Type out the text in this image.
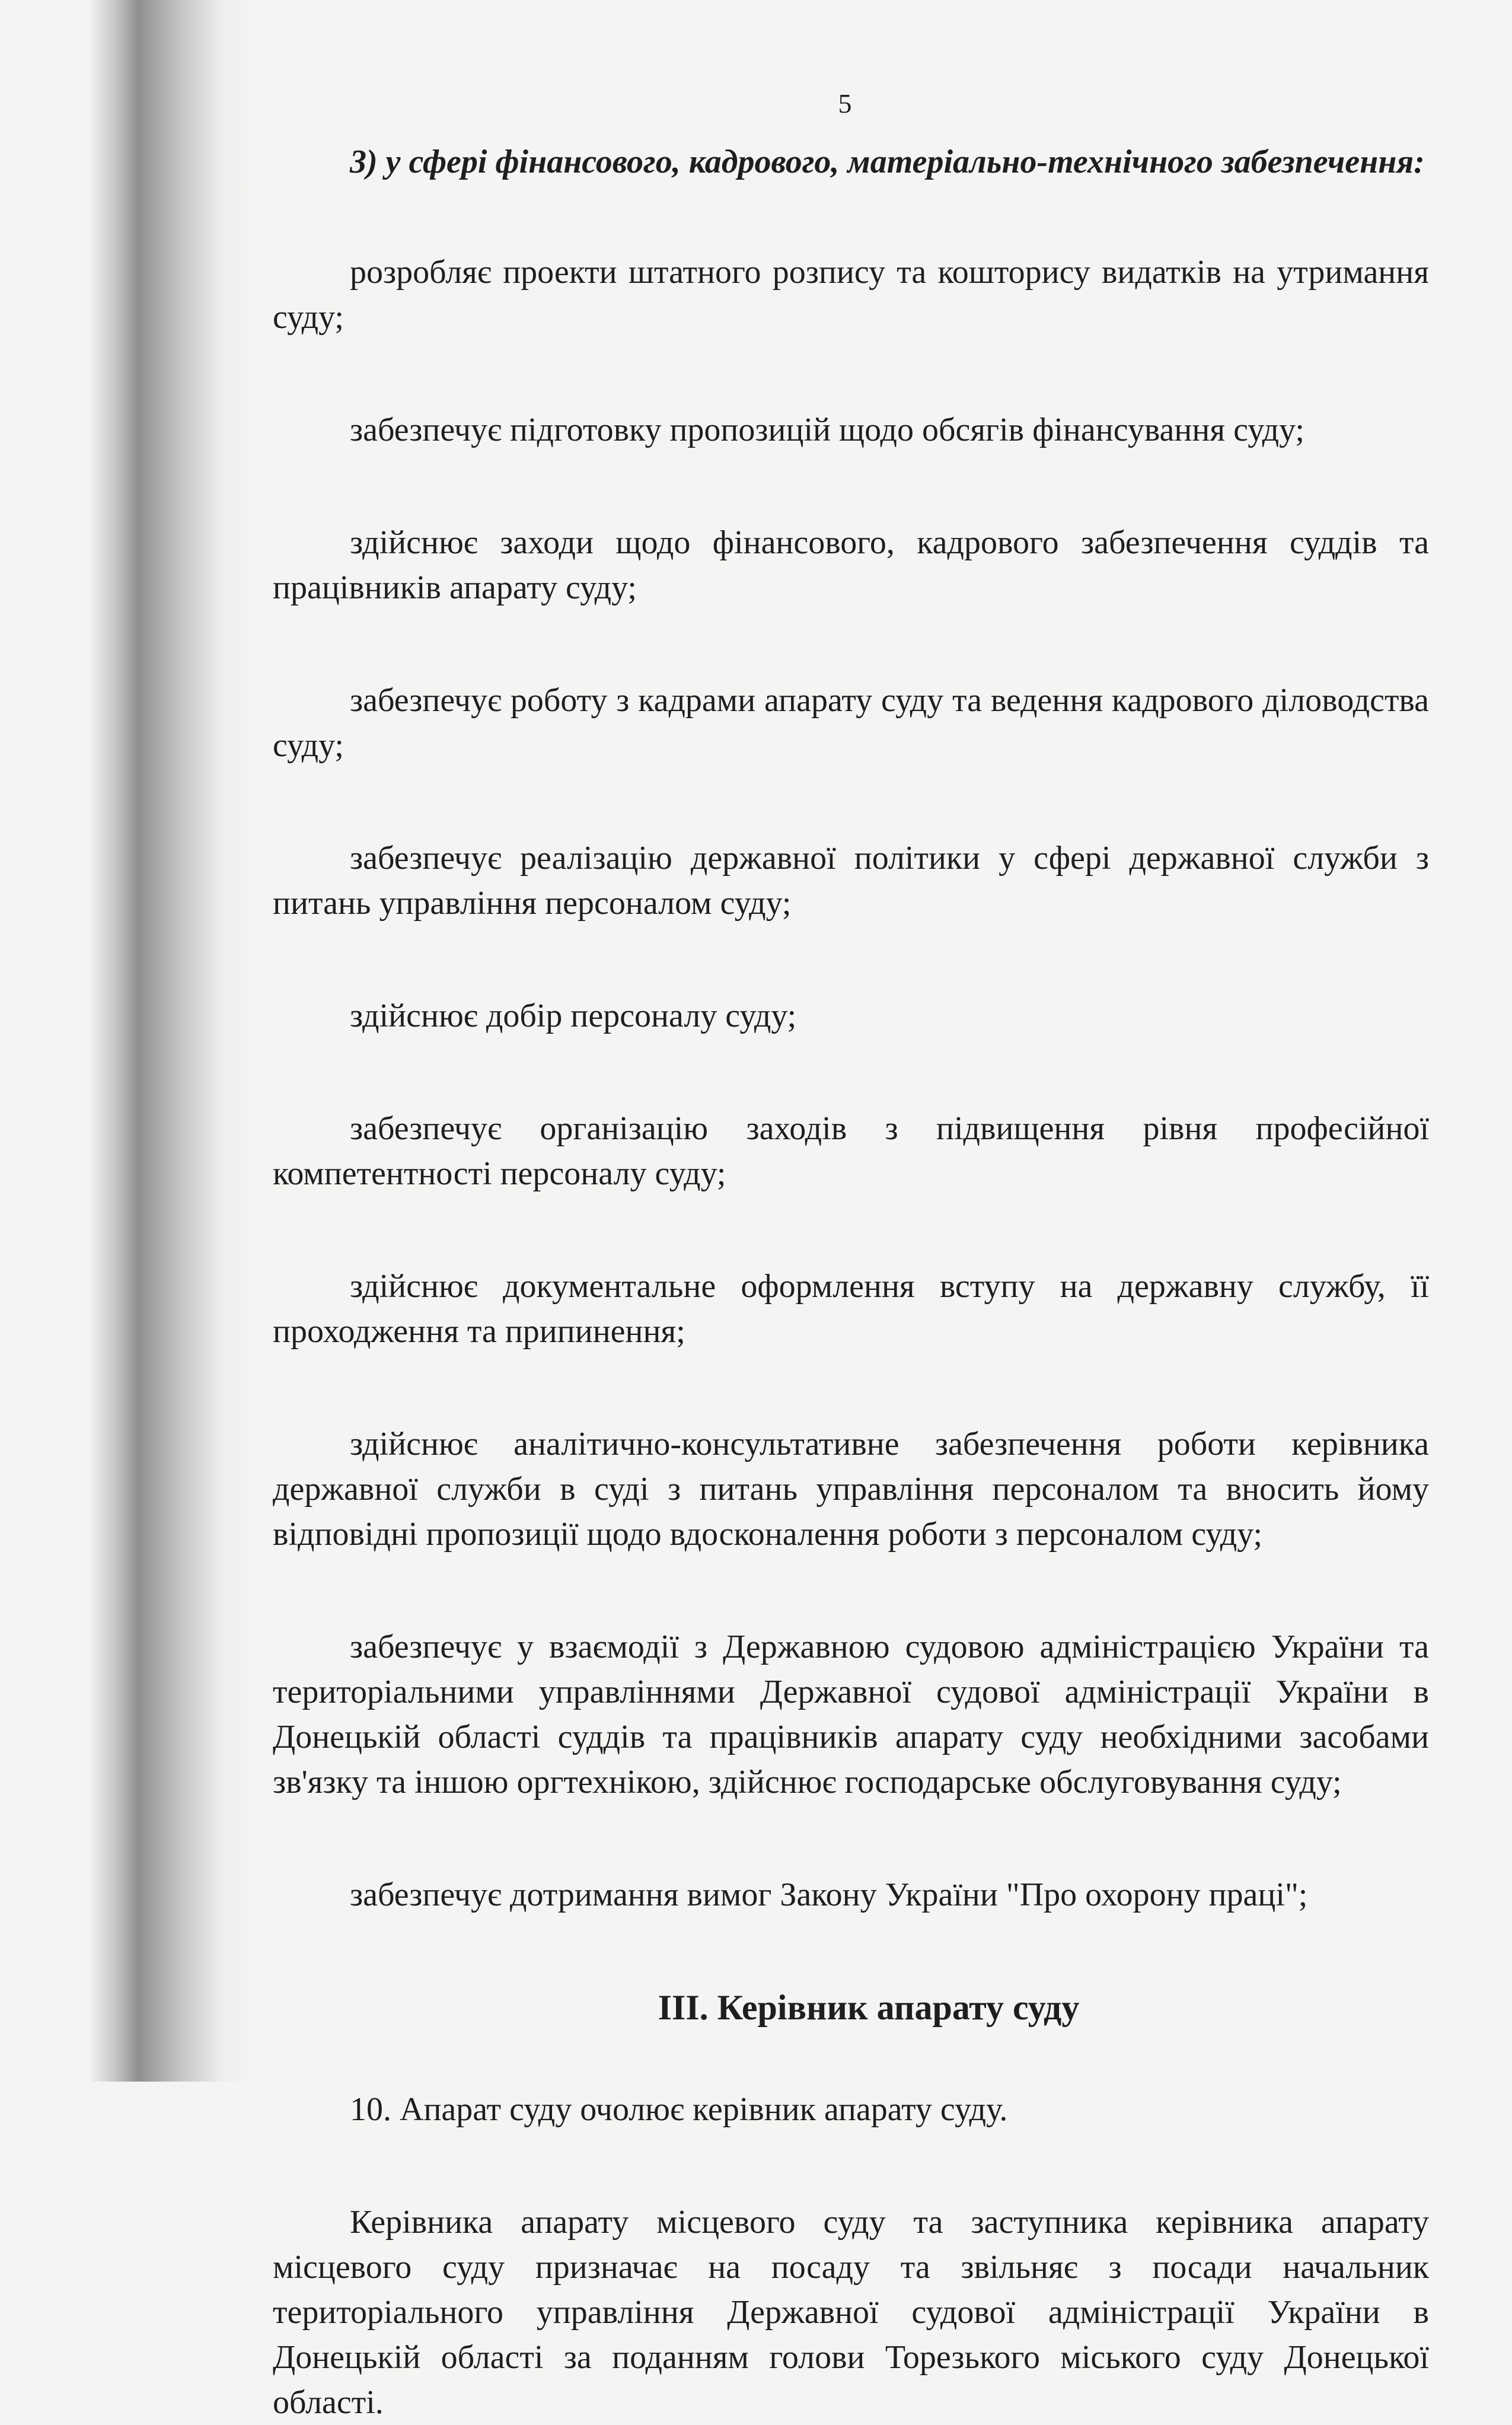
5

3) у сфері фінансового, кадрового, матеріально-технічного забезпечення:

розробляє проекти штатного розпису та кошторису видатків на утримання суду;

забезпечує підготовку пропозицій щодо обсягів фінансування суду;

здійснює заходи щодо фінансового, кадрового забезпечення суддів та працівників апарату суду;

забезпечує роботу з кадрами апарату суду та ведення кадрового діловодства суду;

забезпечує реалізацію державної політики у сфері державної служби з питань управління персоналом суду;

здійснює добір персоналу суду;

забезпечує організацію заходів з підвищення рівня професійної компетентності персоналу суду;

здійснює документальне оформлення вступу на державну службу, її проходження та припинення;

здійснює аналітично-консультативне забезпечення роботи керівника державної служби в суді з питань управління персоналом та вносить йому відповідні пропозиції щодо вдосконалення роботи з персоналом суду;

забезпечує у взаємодії з Державною судовою адміністрацією України та територіальними управліннями Державної судової адміністрації України в Донецькій області суддів та працівників апарату суду необхідними засобами зв'язку та іншою оргтехнікою, здійснює господарське обслуговування суду;

забезпечує дотримання вимог Закону України "Про охорону праці";

ІІІ. Керівник апарату суду

10. Апарат суду очолює керівник апарату суду.

Керівника апарату місцевого суду та заступника керівника апарату місцевого суду призначає на посаду та звільняє з посади начальник територіального управління Державної судової адміністрації України в Донецькій області за поданням голови Торезького міського суду Донецької області.
